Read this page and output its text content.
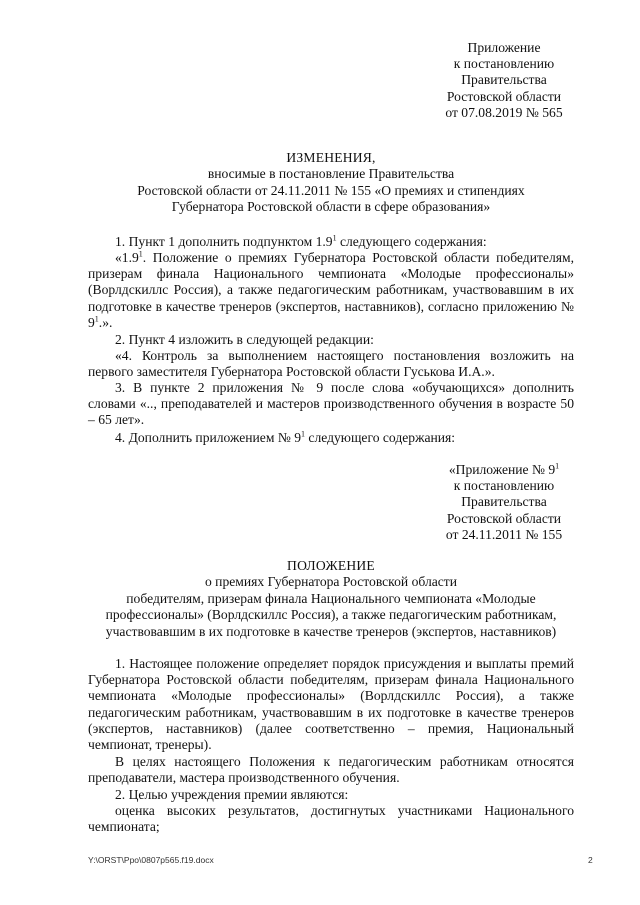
Приложение
к постановлению
Правительства
Ростовской области
от 07.08.2019 № 565
ИЗМЕНЕНИЯ,
вносимые в постановление Правительства
Ростовской области от 24.11.2011 № 155 «О премиях и стипендиях
Губернатора Ростовской области в сфере образования»
1. Пункт 1 дополнить подпунктом $1.9^1$ следующего содержания:
«$1.9^1$. Положение о премиях Губернатора Ростовской области победителям, призерам финала Национального чемпионата «Молодые профессионалы» (Ворлдскиллс Россия), а также педагогическим работникам, участвовавшим в их подготовке в качестве тренеров (экспертов, наставников), согласно приложению № $9^1$.».
2. Пункт 4 изложить в следующей редакции:
«4. Контроль за выполнением настоящего постановления возложить на первого заместителя Губернатора Ростовской области Гуськова И.А.».
3. В пункте 2 приложения № 9 после слова «обучающихся» дополнить словами «.., преподавателей и мастеров производственного обучения в возрасте 50 – 65 лет».
4. Дополнить приложением № $9^1$ следующего содержания:
«Приложение № $9^1$
к постановлению
Правительства
Ростовской области
от 24.11.2011 № 155
ПОЛОЖЕНИЕ
о премиях Губернатора Ростовской области
победителям, призерам финала Национального чемпионата «Молодые
профессионалы» (Ворлдскиллс Россия), а также педагогическим работникам,
участвовавшим в их подготовке в качестве тренеров (экспертов, наставников)
1. Настоящее положение определяет порядок присуждения и выплаты премий Губернатора Ростовской области победителям, призерам финала Национального чемпионата «Молодые профессионалы» (Ворлдскиллс Россия), а также педагогическим работникам, участвовавшим в их подготовке в качестве тренеров (экспертов, наставников) (далее соответственно – премия, Национальный чемпионат, тренеры).
В целях настоящего Положения к педагогическим работникам относятся преподаватели, мастера производственного обучения.
2. Целью учреждения премии являются:
оценка высоких результатов, достигнутых участниками Национального чемпионата;
Y:\ORST\Ppo\0807p565.f19.docx	2
